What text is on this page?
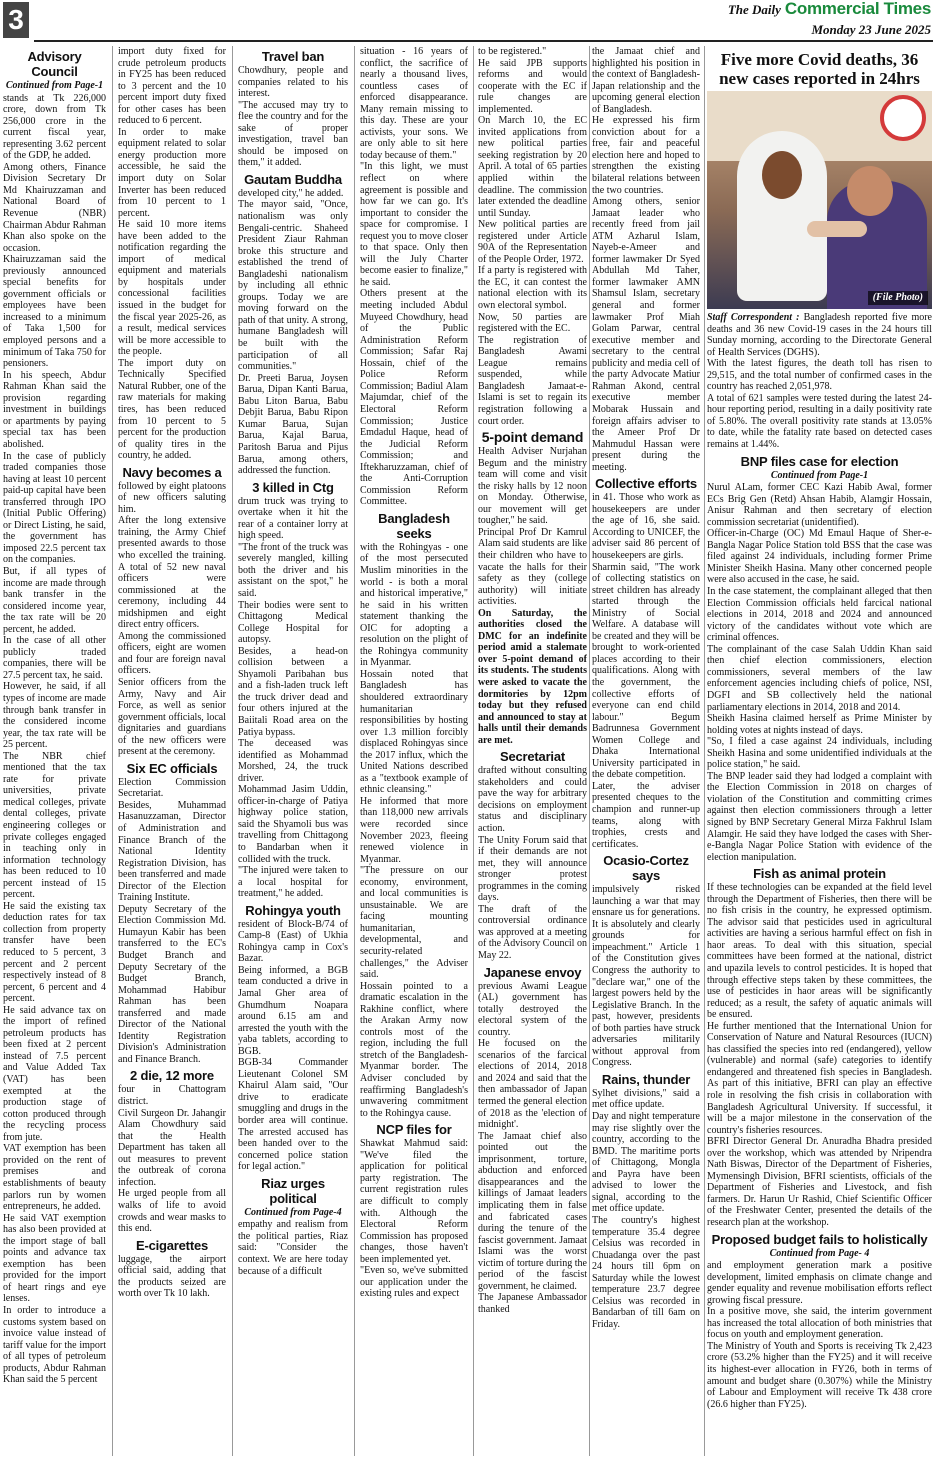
3	The Daily Commercial Times
Monday 23 June 2025
Advisory Council
Continued from Page-1

stands at Tk 226,000 crore, down from Tk 256,000 crore in the current fiscal year, representing 3.62 percent of the GDP, he added.

Among others, Finance Division Secretary Dr Md Khairuzzaman and National Board of Revenue (NBR) Chairman Abdur Rahman Khan also spoke on the occasion.

Khairuzzaman said the previously announced special benefits for government officials or employees have been increased to a minimum of Taka 1,500 for employed persons and a minimum of Taka 750 for pensioners.

In his speech, Abdur Rahman Khan said the provision regarding investment in buildings or apartments by paying special tax has been abolished.

In the case of publicly traded companies those having at least 10 percent paid-up capital have been transferred through IPO (Initial Public Offering) or Direct Listing, he said, the government has imposed 22.5 percent tax on the companies.

But, if all types of income are made through bank transfer in the considered income year, the tax rate will be 20 percent, he added.

In the case of all other publicly traded companies, there will be 27.5 percent tax, he said.

However, he said, if all types of income are made through bank transfer in the considered income year, the tax rate will be 25 percent.

The NBR chief mentioned that the tax rate for private universities, private medical colleges, private dental colleges, private engineering colleges or private colleges engaged in teaching only in information technology has been reduced to 10 percent instead of 15 percent.

He said the existing tax deduction rates for tax collection from property transfer have been reduced to 5 percent, 3 percent and 2 percent respectively instead of 8 percent, 6 percent and 4 percent.

He said advance tax on the import of refined petroleum products has been fixed at 2 percent instead of 7.5 percent and Value Added Tax (VAT) has been exempted at the production stage of cotton produced through the recycling process from jute.

VAT exemption has been provided on the rent of premises and establishments of beauty parlors run by women entrepreneurs, he added.

He said VAT exemption has also been provided at the import stage of ball points and advance tax exemption has been provided for the import of heart rings and eye lenses.

In order to introduce a customs system based on invoice value instead of tariff value for the import of all types of petroleum products, Abdur Rahman Khan said the 5 percent

import duty fixed for crude petroleum products in FY25 has been reduced to 3 percent and the 10 percent import duty fixed for other cases has been reduced to 6 percent.

In order to make equipment related to solar energy production more accessible, he said the import duty on Solar Inverter has been reduced from 10 percent to 1 percent.

He said 10 more items have been added to the notification regarding the import of medical equipment and materials by hospitals under concessional facilities issued in the budget for the fiscal year 2025-26, as a result, medical services will be more accessible to the people.

The import duty on Technically Specified Natural Rubber, one of the raw materials for making tires, has been reduced from 10 percent to 5 percent for the production of quality tires in the country, he added.

Navy becomes a

followed by eight platoons of new officers saluting him.

After the long extensive training, the Army Chief presented awards to those who excelled the training. A total of 52 new naval officers were commissioned at the ceremony, including 44 midshipmen and eight direct entry officers.

Among the commissioned officers, eight are women and four are foreign naval officers.

Senior officers from the Army, Navy and Air Force, as well as senior government officials, local dignitaries and guardians of the new officers were present at the ceremony.

Six EC officials

Election Commission Secretariat.

Besides, Muhammad Hasanuzzaman, Director of Administration and Finance Branch of the National Identity Registration Division, has been transferred and made Director of the Election Training Institute.

Deputy Secretary of the Election Commission Md. Humayun Kabir has been transferred to the EC's Budget Branch and Deputy Secretary of the Budget Branch, Mohammad Habibur Rahman has been transferred and made Director of the National Identity Registration Division's Administration and Finance Branch.

2 die, 12 more

four in Chattogram district.

Civil Surgeon Dr. Jahangir Alam Chowdhury said that the Health Department has taken all out measures to prevent the outbreak of corona infection.

He urged people from all walks of life to avoid crowds and wear masks to this end.

E-cigarettes

luggage, the airport official said, adding that the products seized are worth over Tk 10 lakh.

Travel ban

Chowdhury, people and companies related to his interest.

"The accused may try to flee the country and for the sake of proper investigation, travel ban should be imposed on them," it added.

Gautam Buddha

developed city," he added.

The mayor said, "Once, nationalism was only Bengali-centric. Shaheed President Ziaur Rahman broke this structure and established the trend of Bangladeshi nationalism by including all ethnic groups. Today we are moving forward on the path of that unity. A strong, humane Bangladesh will be built with the participation of all communities."

Dr. Preeti Barua, Joysen Barua, Dipan Kanti Barua, Babu Liton Barua, Babu Debjit Barua, Babu Ripon Kumar Barua, Sujan Barua, Kajal Barua, Paritosh Barua and Pijus Barua, among others, addressed the function.

3 killed in Ctg

drum truck was trying to overtake when it hit the rear of a container lorry at high speed.

"The front of the truck was severely mangled, killing both the driver and his assistant on the spot," he said.

Their bodies were sent to Chittagong Medical College Hospital for autopsy.

Besides, a head-on collision between a Shyamoli Paribahan bus and a fish-laden truck left the truck driver dead and four others injured at the Baiitali Road area on the Patiya bypass.

The deceased was identified as Mohammad Morshed, 24, the truck driver.

Mohammad Jasim Uddin, officer-in-charge of Patiya highway police station, said the Shyamoli bus was travelling from Chittagong to Bandarban when it collided with the truck.

"The injured were taken to a local hospital for treatment," he added.

Rohingya youth

resident of Block-B/74 of Camp-8 (East) of Ukhia Rohingya camp in Cox's Bazar.

Being informed, a BGB team conducted a drive in Jamal Gher area of Ghumdhum Noapara around 6.15 am and arrested the youth with the yaba tablets, according to BGB.

BGB-34 Commander Lieutenant Colonel SM Khairul Alam said, "Our drive to eradicate smuggling and drugs in the border area will continue. The arrested accused has been handed over to the concerned police station for legal action."

Riaz urges political
Continued from Page-4

empathy and realism from the political parties, Riaz said: "Consider the context. We are here today because of a difficult

situation - 16 years of conflict, the sacrifice of nearly a thousand lives, countless cases of enforced disappearance. Many remain missing to this day. These are your activists, your sons. We are only able to sit here today because of them."

"In this light, we must reflect on where agreement is possible and how far we can go. It's important to consider the space for compromise. I request you to move closer to that space. Only then will the July Charter become easier to finalize," he said.

Others present at the meeting included Abdul Muyeed Chowdhury, head of the Public Administration Reform Commission; Safar Raj Hossain, chief of the Police Reform Commission; Badiul Alam Majumdar, chief of the Electoral Reform Commission; Justice Emdadul Haque, head of the Judicial Reform Commission; and Iftekharuzzaman, chief of the Anti-Corruption Commission Reform Committee.

Bangladesh seeks

with the Rohingyas - one of the most persecuted Muslim minorities in the world - is both a moral and historical imperative," he said in his written statement thanking the OIC for adopting a resolution on the plight of the Rohingya community in Myanmar.

Hossain noted that Bangladesh has shouldered extraordinary humanitarian responsibilities by hosting over 1.3 million forcibly displaced Rohingyas since the 2017 influx, which the United Nations described as a "textbook example of ethnic cleansing."

He informed that more than 118,000 new arrivals were recorded since November 2023, fleeing renewed violence in Myanmar.

"The pressure on our economy, environment, and local communities is unsustainable. We are facing mounting humanitarian, developmental, and security-related challenges," the Adviser said.

Hossain pointed to a dramatic escalation in the Rakhine conflict, where the Arakan Army now controls most of the region, including the full stretch of the Bangladesh-Myanmar border. The Adviser concluded by reaffirming Bangladesh's unwavering commitment to the Rohingya cause.

NCP files for

Shawkat Mahmud said: "We've filed the application for political party registration. The current registration rules are difficult to comply with. Although the Electoral Reform Commission has proposed changes, those haven't been implemented yet.

"Even so, we've submitted our application under the existing rules and expect

to be registered."

He said JPB supports reforms and would cooperate with the EC if rule changes are implemented.

On March 10, the EC invited applications from new political parties seeking registration by 20 April. A total of 65 parties applied within the deadline. The commission later extended the deadline until Sunday.

New political parties are registered under Article 90A of the Representation of the People Order, 1972.

If a party is registered with the EC, it can contest the national election with its own electoral symbol.

Now, 50 parties are registered with the EC.

The registration of Bangladesh Awami League remains suspended, while Bangladesh Jamaat-e-Islami is set to regain its registration following a court order.

5-point demand

Health Adviser Nurjahan Begum and the ministry team will come and visit the risky halls by 12 noon on Monday. Otherwise, our movement will get tougher," he said.

Principal Prof Dr Kamrul Alam said students are like their children who have to vacate the halls for their safety as they (college authority) will initiate activities.

On Saturday, the authorities closed the DMC for an indefinite period amid a stalemate over 5-point demand of its students. The students were asked to vacate the dormitories by 12pm today but they refused and announced to stay at halls until their demands are met.

Secretariat

drafted without consulting stakeholders and could pave the way for arbitrary decisions on employment status and disciplinary action.

The Unity Forum said that if their demands are not met, they will announce stronger protest programmes in the coming days.

The draft of the controversial ordinance was approved at a meeting of the Advisory Council on May 22.

Japanese envoy

previous Awami League (AL) government has totally destroyed the electoral system of the country.

He focused on the scenarios of the farcical elections of 2014, 2018 and 2024 and said that the then ambassador of Japan termed the general election of 2018 as the 'election of midnight'.

The Jamaat chief also pointed out the imprisonment, torture, abduction and enforced disappearances and the killings of Jamaat leaders implicating them in false and fabricated cases during the tenure of the fascist government. Jamaat Islami was the worst victim of torture during the period of the fascist government, he claimed.

The Japanese Ambassador thanked

the Jamaat chief and highlighted his position in the context of Bangladesh-Japan relationship and the upcoming general election of Bangladesh.

He expressed his firm conviction about for a free, fair and peaceful election here and hoped to strengthen the existing bilateral relations between the two countries.

Among others, senior Jamaat leader who recently freed from jail ATM Azharul Islam, Nayeb-e-Ameer and former lawmaker Dr Syed Abdullah Md Taher, former lawmaker AMN Shamsul Islam, secretary general and former lawmaker Prof Miah Golam Parwar, central executive member and secretary to the central publicity and media cell of the party Advocate Matiur Rahman Akond, central executive member Mobarak Hussain and foreign affairs adviser to the Ameer Prof Dr Mahmudul Hassan were present during the meeting.

Collective efforts

in 41. Those who work as housekeepers are under the age of 16, she said. According to UNICEF, the adviser said 86 percent of housekeepers are girls.

Sharmin said, "The work of collecting statistics on street children has already started through the Ministry of Social Welfare. A database will be created and they will be brought to work-oriented places according to their qualifications. Along with the government, the collective efforts of everyone can end child labour." Begum Badrunnesa Government Women College and Dhaka International University participated in the debate competition.

Later, the adviser presented cheques to the champion and runner-up teams, along with trophies, crests and certificates.

Ocasio-Cortez says

impulsively risked launching a war that may ensnare us for generations. It is absolutely and clearly grounds for impeachment." Article 1 of the Constitution gives Congress the authority to "declare war," one of the largest powers held by the Legislative Branch. In the past, however, presidents of both parties have struck adversaries militarily without approval from Congress.

Rains, thunder

Sylhet divisions," said a met office update.

Day and night temperature may rise slightly over the country, according to the BMD. The maritime ports of Chittagong, Mongla and Payra have been advised to lower the signal, according to the met office update.

The country's highest temperature 35.4 degree Celsius was recorded in Chuadanga over the past 24 hours till 6pm on Saturday while the lowest temperature 23.7 degree Celsius was recorded in Bandarban of till 6am on Friday.

Five more Covid deaths, 36 new cases reported in 24hrs
(File Photo)

Staff Correspondent : Bangladesh reported five more deaths and 36 new Covid-19 cases in the 24 hours till Sunday morning, according to the Directorate General of Health Services (DGHS).

With the latest figures, the death toll has risen to 29,515, and the total number of confirmed cases in the country has reached 2,051,978.

A total of 621 samples were tested during the latest 24-hour reporting period, resulting in a daily positivity rate of 5.80%. The overall positivity rate stands at 13.05% to date, while the fatality rate based on detected cases remains at 1.44%.

BNP files case for election
Continued from Page-1

Nurul ALam, former CEC Kazi Habib Awal, former ECs Brig Gen (Retd) Ahsan Habib, Alamgir Hossain, Anisur Rahman and then secretary of election commission secretariat (unidentified).

Officer-in-Charge (OC) Md Emaul Haque of Sher-e-Bangla Nagar Police Station told BSS that the case was filed against 24 individuals, including former Prime Minister Sheikh Hasina. Many other concerned people were also accused in the case, he said.

In the case statement, the complainant alleged that then Election Commission officials held farcical national elections in 2014, 2018 and 2024 and announced victory of the candidates without vote which are criminal offences.

The complainant of the case Salah Uddin Khan said then chief election commissioners, election commissioners, several members of the law enforcement agencies including chiefs of police, NSI, DGFI and SB collectively held the national parliamentary elections in 2014, 2018 and 2014.

Sheikh Hasina claimed herself as Prime Minister by holding votes at nights instead of days.

"So, I filed a case against 24 individuals, including Sheikh Hasina and some unidentified individuals at the police station," he said.

The BNP leader said they had lodged a complaint with the Election Commission in 2018 on charges of violation of the Constitution and committing crimes against then election commissioners through a letter signed by BNP Secretary General Mirza Fakhrul Islam Alamgir. He said they have lodged the cases with Sher-e-Bangla Nagar Police Station with evidence of the election manipulation.

Fish as animal protein

If these technologies can be expanded at the field level through the Department of Fisheries, then there will be no fish crisis in the country, he expressed optimism. The advisor said that pesticides used in agricultural activities are having a serious harmful effect on fish in haor areas. To deal with this situation, special committees have been formed at the national, district and upazila levels to control pesticides. It is hoped that through effective steps taken by these committees, the use of pesticides in haor areas will be significantly reduced; as a result, the safety of aquatic animals will be ensured.

He further mentioned that the International Union for Conservation of Nature and Natural Resources (IUCN) has classified the species into red (endangered), yellow (vulnerable) and normal (safe) categories to identify endangered and threatened fish species in Bangladesh. As part of this initiative, BFRI can play an effective role in resolving the fish crisis in collaboration with Bangladesh Agricultural University. If successful, it will be a major milestone in the conservation of the country's fisheries resources.

BFRI Director General Dr. Anuradha Bhadra presided over the workshop, which was attended by Nripendra Nath Biswas, Director of the Department of Fisheries, Mymensingh Division, BFRI scientists, officials of the Department of Fisheries and Livestock, and fish farmers. Dr. Harun Ur Rashid, Chief Scientific Officer of the Freshwater Center, presented the details of the research plan at the workshop.

Proposed budget fails to holistically
Continued from Page- 4

and employment generation mark a positive development, limited emphasis on climate change and gender equality and revenue mobilisation efforts reflect growing fiscal pressure.

In a positive move, she said, the interim government has increased the total allocation of both ministries that focus on youth and employment generation.

The Ministry of Youth and Sports is receiving Tk 2,423 crore (53.2% higher than the FY25) and it will receive its highest-ever allocation in FY26, both in terms of amount and budget share (0.307%) while the Ministry of Labour and Employment will receive Tk 438 crore (26.6 higher than FY25).
